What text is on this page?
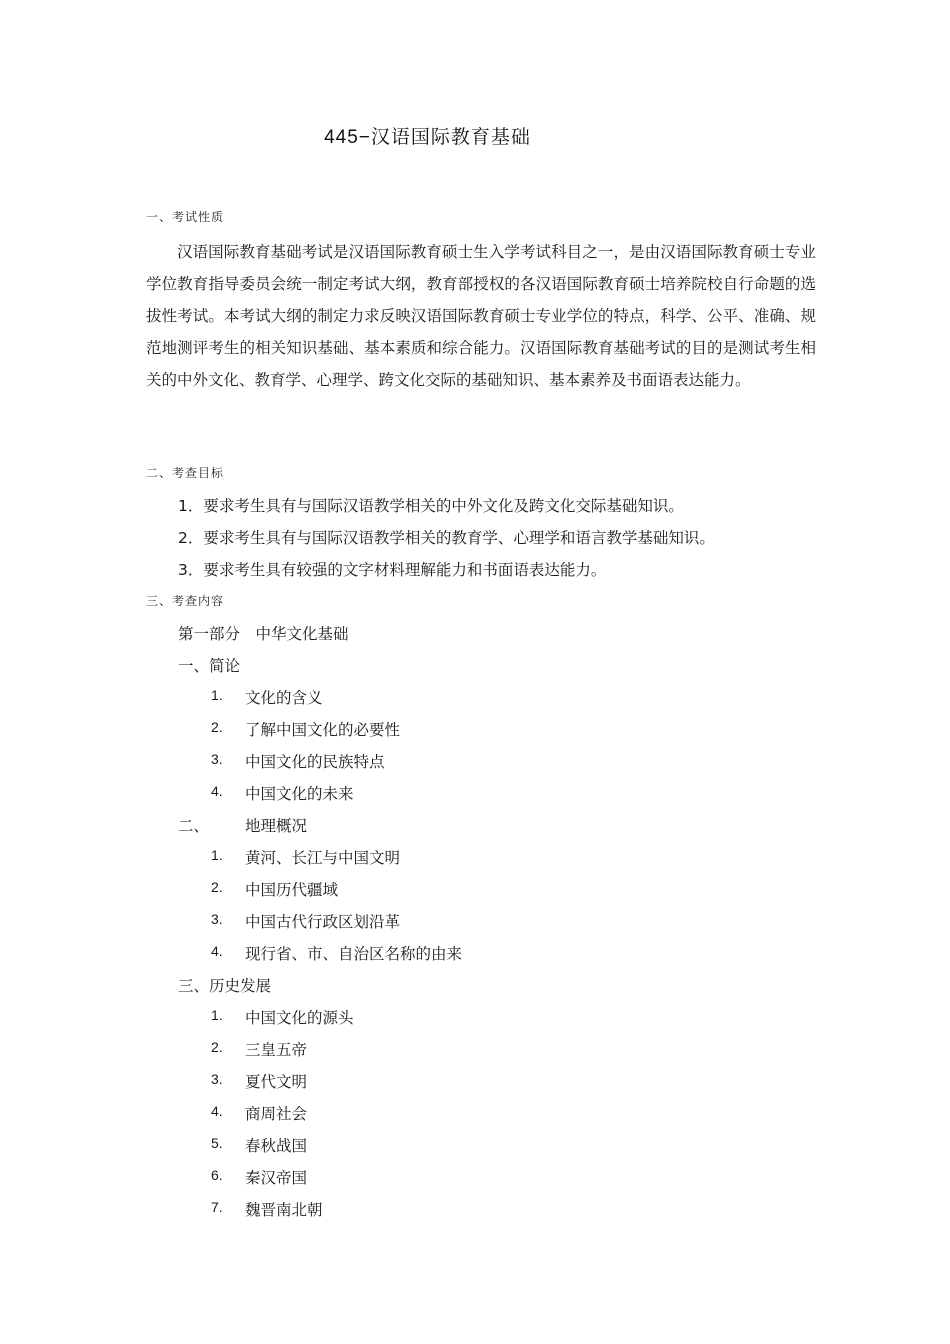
445−汉语国际教育基础
一、考试性质
汉语国际教育基础考试是汉语国际教育硕士生入学考试科目之一，是由汉语国际教育硕士专业学位教育指导委员会统一制定考试大纲，教育部授权的各汉语国际教育硕士培养院校自行命题的选拔性考试。本考试大纲的制定力求反映汉语国际教育硕士专业学位的特点，科学、公平、准确、规范地测评考生的相关知识基础、基本素质和综合能力。汉语国际教育基础考试的目的是测试考生相关的中外文化、教育学、心理学、跨文化交际的基础知识、基本素养及书面语表达能力。
二、考查目标
1．要求考生具有与国际汉语教学相关的中外文化及跨文化交际基础知识。
2．要求考生具有与国际汉语教学相关的教育学、心理学和语言教学基础知识。
3．要求考生具有较强的文字材料理解能力和书面语表达能力。
三、考查内容
第一部分　中华文化基础
一、简论
1. 文化的含义
2. 了解中国文化的必要性
3. 中国文化的民族特点
4. 中国文化的未来
二、 地理概况
1. 黄河、长江与中国文明
2. 中国历代疆域
3. 中国古代行政区划沿革
4. 现行省、市、自治区名称的由来
三、历史发展
1. 中国文化的源头
2. 三皇五帝
3. 夏代文明
4. 商周社会
5. 春秋战国
6. 秦汉帝国
7. 魏晋南北朝
